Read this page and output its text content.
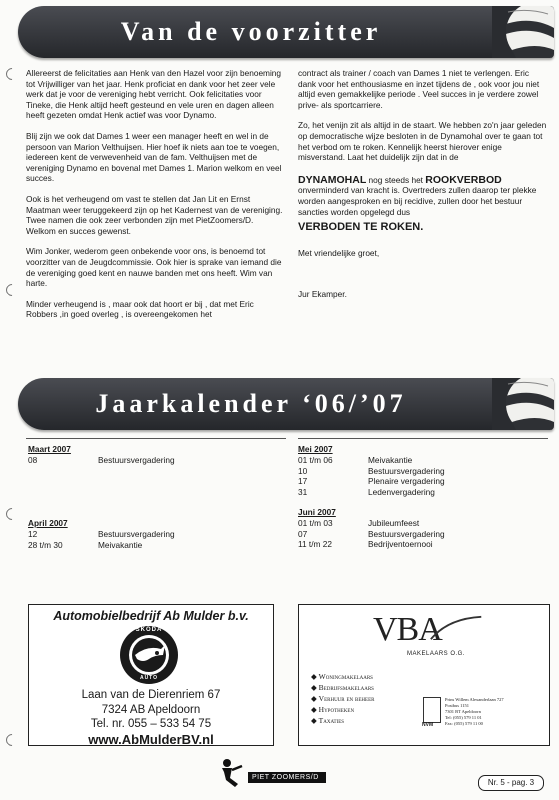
Van de voorzitter

Allereerst de felicitaties aan Henk van den Hazel voor zijn benoeming tot Vrijwilliger van het jaar. Henk proficiat en dank voor het zeer vele werk dat je voor de vereniging hebt verricht. Ook felicitaties voor Tineke, die Henk altijd heeft gesteund en vele uren en dagen alleen heeft gezeten omdat Henk actief was voor Dynamo.

Blij zijn we ook dat Dames 1 weer een manager heeft en wel in de persoon van Marion Velthuijsen. Hier hoef ik niets aan toe te voegen, iedereen kent de verwevenheid van de fam. Velthuijsen met de vereniging Dynamo en bovenal met Dames 1. Marion welkom en veel succes.

Ook is het verheugend om vast te stellen dat Jan Lit en Ernst Maatman weer teruggekeerd zijn op het Kadernest van de vereniging. Twee namen die ook zeer verbonden zijn met PietZoomers/D. Welkom en succes gewenst.

Wim Jonker, wederom geen onbekende voor ons, is benoemd tot voorzitter van de Jeugdcommissie. Ook hier is sprake van iemand die de vereniging goed kent en nauwe banden met ons heeft. Wim van harte.

Minder verheugend is , maar ook dat hoort er bij , dat met Eric Robbers ,in goed overleg , is overeengekomen het

contract als trainer / coach van Dames 1 niet te verlengen. Eric dank voor het enthousiasme en inzet tijdens de , ook voor jou niet altijd even gemakkelijke periode . Veel succes in je verdere zowel prive- als sportcarriere.

Zo, het venijn zit als altijd in de staart. We hebben zo'n jaar geleden op democratische wijze besloten in de Dynamohal over te gaan tot het verbod om te roken. Kennelijk heerst hierover enige misverstand. Laat het duidelijk zijn dat in de

DYNAMOHAL nog steeds het ROOKVERBOD onverminderd van kracht is. Overtreders zullen daarop ter plekke worden aangesproken en bij recidive, zullen door het bestuur sancties worden opgelegd dus

VERBODEN TE ROKEN.

Met vriendelijke groet,

Jur Ekamper.

Jaarkalender ‘06/’07
Maart 2007
08	Bestuursvergadering
April 2007
12	Bestuursvergadering
28 t/m 30	Meivakantie
Mei 2007
01 t/m 06	Meivakantie
10	Bestuursvergadering
17	Plenaire vergadering
31	Ledenvergadering
Juni 2007
01 t/m 03	Jubileumfeest
07	Bestuursvergadering
11 t/m 22	Bedrijventoernooi
Automobielbedrijf Ab Mulder b.v.
SKODA
AUTO
Laan van de Dierenriem 67
7324 AB Apeldoorn
Tel. nr. 055 – 533 54 75
www.AbMulderBV.nl
VBA
MAKELAARS O.G.
◆ Woningmakelaars
◆ Bedrijfsmakelaars
◆ Verhuur en beheer
◆ Hypotheken
◆ Taxaties	NVM
Prins Willem Alexanderlaan 727
Postbus 1151
7301 BT Apeldoorn
Tel: (055) 579 11 01
Fax: (055) 579 11 00
PIET ZOOMERS/D
Nr. 5 - pag. 3
